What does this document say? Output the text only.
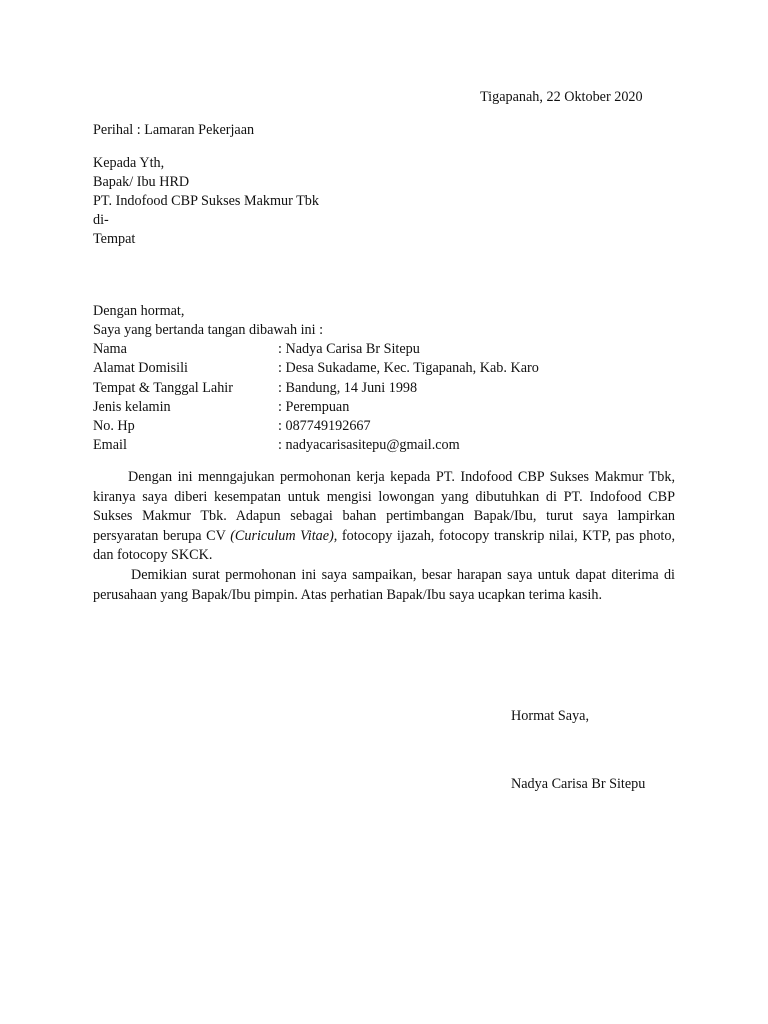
Tigapanah, 22 Oktober 2020
Perihal : Lamaran Pekerjaan
Kepada Yth,
Bapak/ Ibu HRD
PT. Indofood CBP Sukses Makmur Tbk
di-
Tempat
Dengan hormat,
Saya yang bertanda tangan dibawah ini :
Nama	: Nadya Carisa Br Sitepu
Alamat Domisili	: Desa Sukadame, Kec. Tigapanah, Kab. Karo
Tempat & Tanggal Lahir	: Bandung, 14 Juni 1998
Jenis kelamin	: Perempuan
No. Hp	: 087749192667
Email	: nadyacarisasitepu@gmail.com

Dengan ini menngajukan permohonan kerja kepada PT. Indofood CBP Sukses Makmur Tbk, kiranya saya diberi kesempatan untuk mengisi lowongan yang dibutuhkan di PT. Indofood CBP Sukses Makmur Tbk. Adapun sebagai bahan pertimbangan Bapak/Ibu, turut saya lampirkan persyaratan berupa CV (Curiculum Vitae), fotocopy ijazah, fotocopy transkrip nilai, KTP, pas photo, dan fotocopy SKCK.

Demikian surat permohonan ini saya sampaikan, besar harapan saya untuk dapat diterima di perusahaan yang Bapak/Ibu pimpin. Atas perhatian Bapak/Ibu saya ucapkan terima kasih.

Hormat Saya,
Nadya Carisa Br Sitepu
